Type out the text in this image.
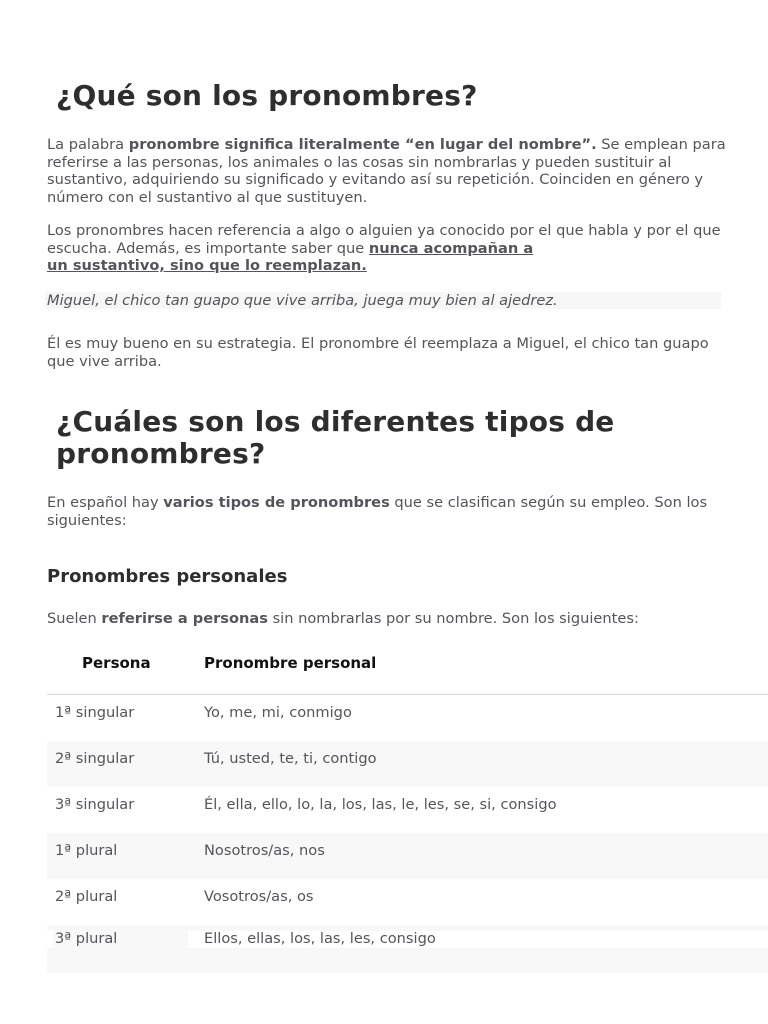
¿Qué son los pronombres?

La palabra pronombre significa literalmente “en lugar del nombre”. Se emplean para referirse a las personas, los animales o las cosas sin nombrarlas y pueden sustituir al sustantivo, adquiriendo su significado y evitando así su repetición. Coinciden en género y número con el sustantivo al que sustituyen.

Los pronombres hacen referencia a algo o alguien ya conocido por el que habla y por el que escucha. Además, es importante saber que nunca acompañan a
un sustantivo, sino que lo reemplazan.

Miguel, el chico tan guapo que vive arriba, juega muy bien al ajedrez.

Él es muy bueno en su estrategia. El pronombre él reemplaza a Miguel, el chico tan guapo que vive arriba.

¿Cuáles son los diferentes tipos de pronombres?

En español hay varios tipos de pronombres que se clasifican según su empleo. Son los siguientes:

Pronombres personales

Suelen referirse a personas sin nombrarlas por su nombre. Son los siguientes:

Persona	Pronombre personal
1ª singular	Yo, me, mi, conmigo
2ª singular	Tú, usted, te, ti, contigo
3ª singular	Él, ella, ello, lo, la, los, las, le, les, se, si, consigo
1ª plural	Nosotros/as, nos
2ª plural	Vosotros/as, os
3ª plural	Ellos, ellas, los, las, les, consigo
